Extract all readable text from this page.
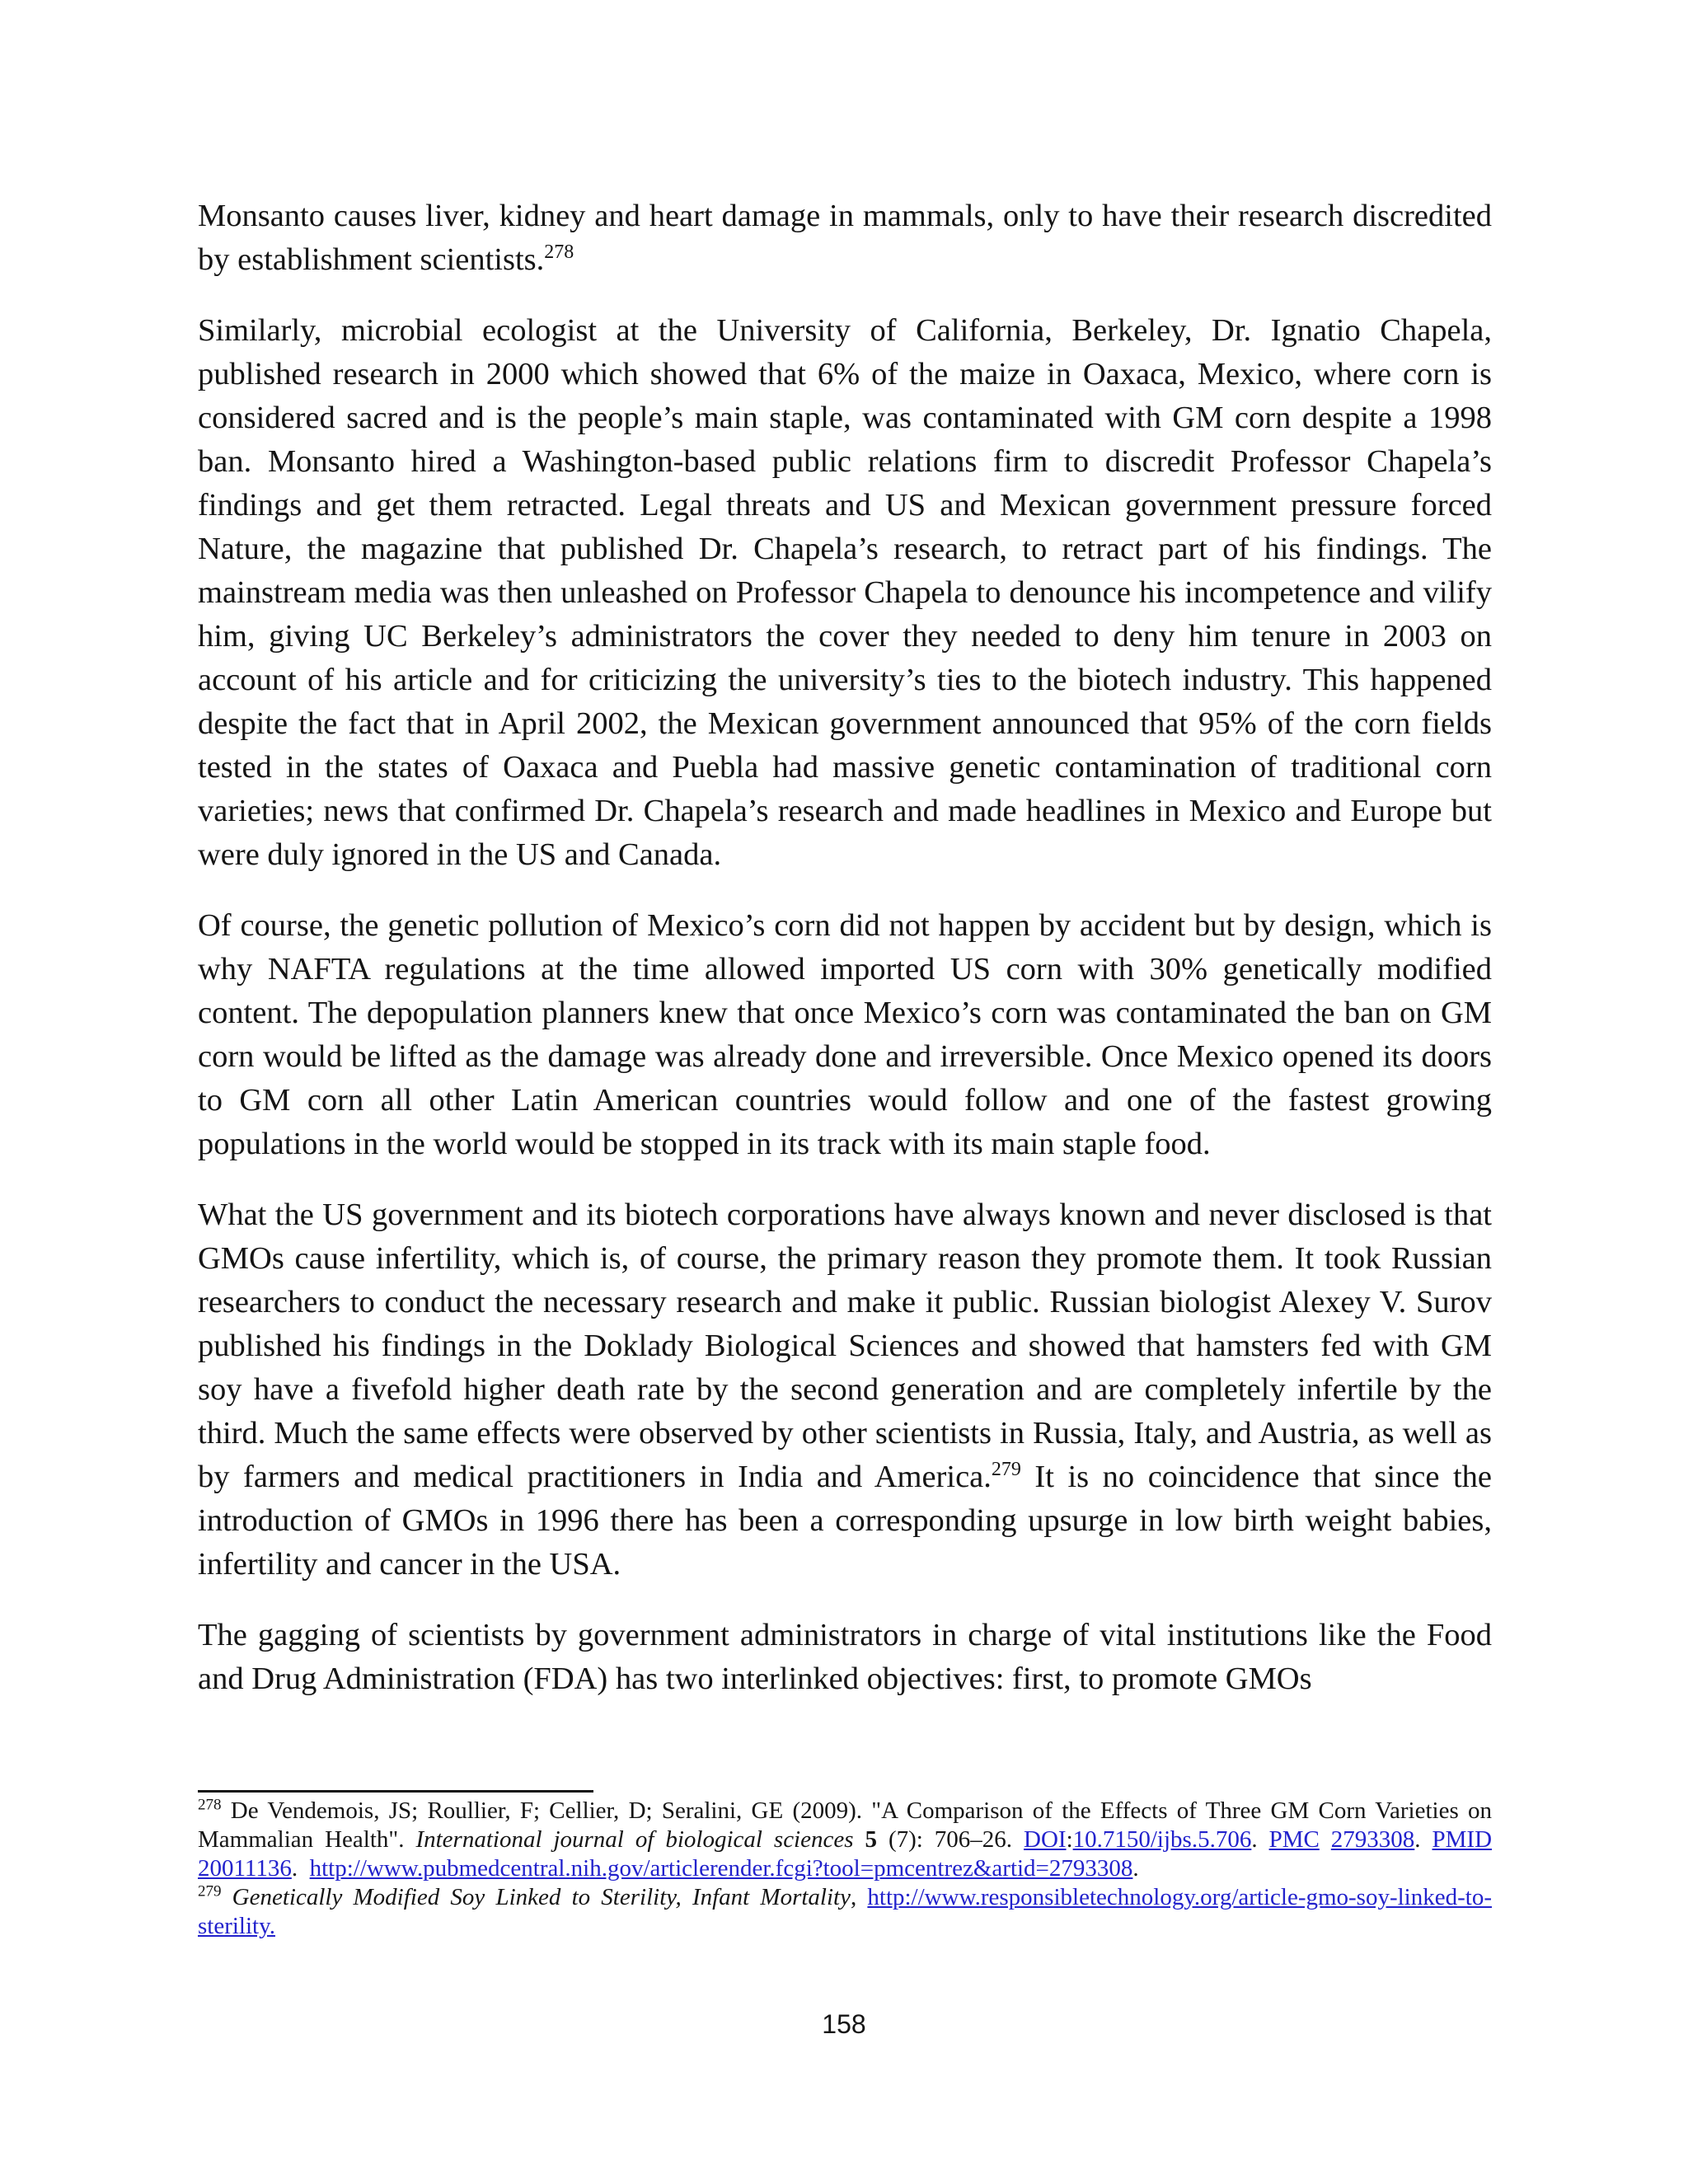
Monsanto causes liver, kidney and heart damage in mammals, only to have their research discredited by establishment scientists.$^{278}$

Similarly, microbial ecologist at the University of California, Berkeley, Dr. Ignatio Chapela, published research in 2000 which showed that 6% of the maize in Oaxaca, Mexico, where corn is considered sacred and is the people’s main staple, was contaminated with GM corn despite a 1998 ban. Monsanto hired a Washington-based public relations firm to discredit Professor Chapela’s findings and get them retracted. Legal threats and US and Mexican government pressure forced Nature, the magazine that published Dr. Chapela’s research, to retract part of his findings. The mainstream media was then unleashed on Professor Chapela to denounce his incompetence and vilify him, giving UC Berkeley’s administrators the cover they needed to deny him tenure in 2003 on account of his article and for criticizing the university’s ties to the biotech industry. This happened despite the fact that in April 2002, the Mexican government announced that 95% of the corn fields tested in the states of Oaxaca and Puebla had massive genetic contamination of traditional corn varieties; news that confirmed Dr. Chapela’s research and made headlines in Mexico and Europe but were duly ignored in the US and Canada.

Of course, the genetic pollution of Mexico’s corn did not happen by accident but by design, which is why NAFTA regulations at the time allowed imported US corn with 30% genetically modified content. The depopulation planners knew that once Mexico’s corn was contaminated the ban on GM corn would be lifted as the damage was already done and irreversible. Once Mexico opened its doors to GM corn all other Latin American countries would follow and one of the fastest growing populations in the world would be stopped in its track with its main staple food.

What the US government and its biotech corporations have always known and never disclosed is that GMOs cause infertility, which is, of course, the primary reason they promote them. It took Russian researchers to conduct the necessary research and make it public. Russian biologist Alexey V. Surov published his findings in the Doklady Biological Sciences and showed that hamsters fed with GM soy have a fivefold higher death rate by the second generation and are completely infertile by the third. Much the same effects were observed by other scientists in Russia, Italy, and Austria, as well as by farmers and medical practitioners in India and America.$^{279}$ It is no coincidence that since the introduction of GMOs in 1996 there has been a corresponding upsurge in low birth weight babies, infertility and cancer in the USA.

The gagging of scientists by government administrators in charge of vital institutions like the Food and Drug Administration (FDA) has two interlinked objectives: first, to promote GMOs

$^{278}$ De Vendemois, JS; Roullier, F; Cellier, D; Seralini, GE (2009). "A Comparison of the Effects of Three GM Corn Varieties on Mammalian Health". International journal of biological sciences 5 (7): 706–26. DOI:10.7150/ijbs.5.706. PMC 2793308. PMID 20011136.  http://www.pubmedcentral.nih.gov/articlerender.fcgi?tool=pmcentrez&artid=2793308.

$^{279}$ Genetically Modified Soy Linked to Sterility, Infant Mortality, http://www.responsibletechnology.org/article-gmo-soy-linked-to-sterility.

158
